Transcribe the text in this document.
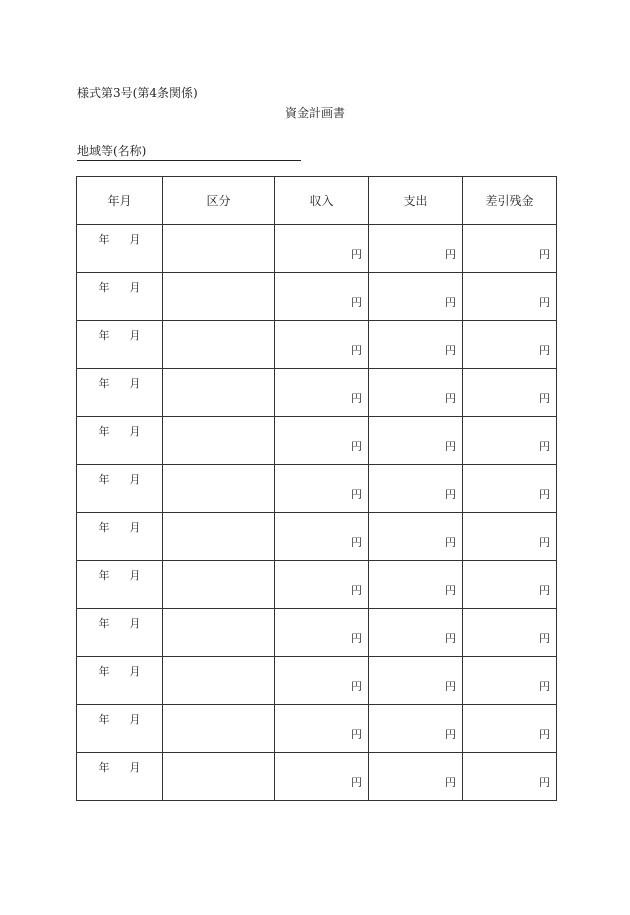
様式第3号(第4条関係)
資金計画書
地域等(名称)
年月	区分	収入	支出	差引残金

年 月		円	円	円

年 月		円	円	円

年 月		円	円	円

年 月		円	円	円

年 月		円	円	円

年 月		円	円	円

年 月		円	円	円

年 月		円	円	円

年 月		円	円	円

年 月		円	円	円

年 月		円	円	円

年 月		円	円	円
